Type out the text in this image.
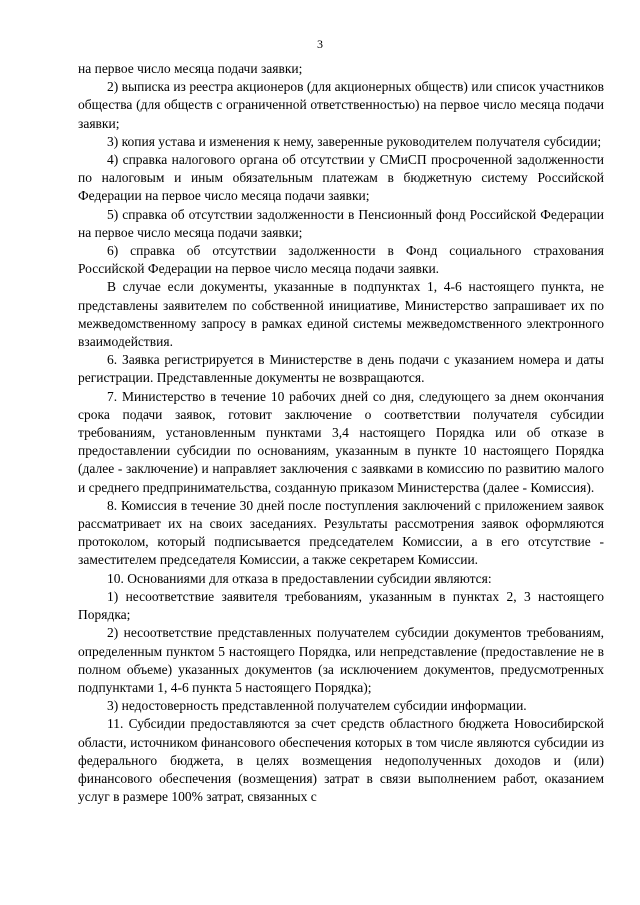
3

на первое число месяца подачи заявки;

2) выписка из реестра акционеров (для акционерных обществ) или список участников общества (для обществ с ограниченной ответственностью) на первое число месяца подачи заявки;

3) копия устава и изменения к нему, заверенные руководителем получателя субсидии;

4) справка налогового органа об отсутствии у СМиСП просроченной задолженности по налоговым и иным обязательным платежам в бюджетную систему Российской Федерации на первое число месяца подачи заявки;

5) справка об отсутствии задолженности в Пенсионный фонд Российской Федерации на первое число месяца подачи заявки;

6) справка об отсутствии задолженности в Фонд социального страхования Российской Федерации на первое число месяца подачи заявки.

В случае если документы, указанные в подпунктах 1, 4-6 настоящего пункта, не представлены заявителем по собственной инициативе, Министерство запрашивает их по межведомственному запросу в рамках единой системы межведомственного электронного взаимодействия.

6. Заявка регистрируется в Министерстве в день подачи с указанием номера и даты регистрации. Представленные документы не возвращаются.

7. Министерство в течение 10 рабочих дней со дня, следующего за днем окончания срока подачи заявок, готовит заключение о соответствии получателя субсидии требованиям, установленным пунктами 3,4 настоящего Порядка или об отказе в предоставлении субсидии по основаниям, указанным в пункте 10 настоящего Порядка (далее - заключение) и направляет заключения с заявками в комиссию по развитию малого и среднего предпринимательства, созданную приказом Министерства (далее - Комиссия).

8. Комиссия в течение 30 дней после поступления заключений с приложением заявок рассматривает их на своих заседаниях. Результаты рассмотрения заявок оформляются протоколом, который подписывается председателем Комиссии, а в его отсутствие - заместителем председателя Комиссии, а также секретарем Комиссии.

10. Основаниями для отказа в предоставлении субсидии являются:

1) несоответствие заявителя требованиям, указанным в пунктах 2, 3 настоящего Порядка;

2) несоответствие представленных получателем субсидии документов требованиям, определенным пунктом 5 настоящего Порядка, или непредставление (предоставление не в полном объеме) указанных документов (за исключением документов, предусмотренных подпунктами 1, 4-6 пункта 5 настоящего Порядка);

3) недостоверность представленной получателем субсидии информации.

11. Субсидии предоставляются за счет средств областного бюджета Новосибирской области, источником финансового обеспечения которых в том числе являются субсидии из федерального бюджета, в целях возмещения недополученных доходов и (или) финансового обеспечения (возмещения) затрат в связи выполнением работ, оказанием услуг в размере 100% затрат, связанных с
